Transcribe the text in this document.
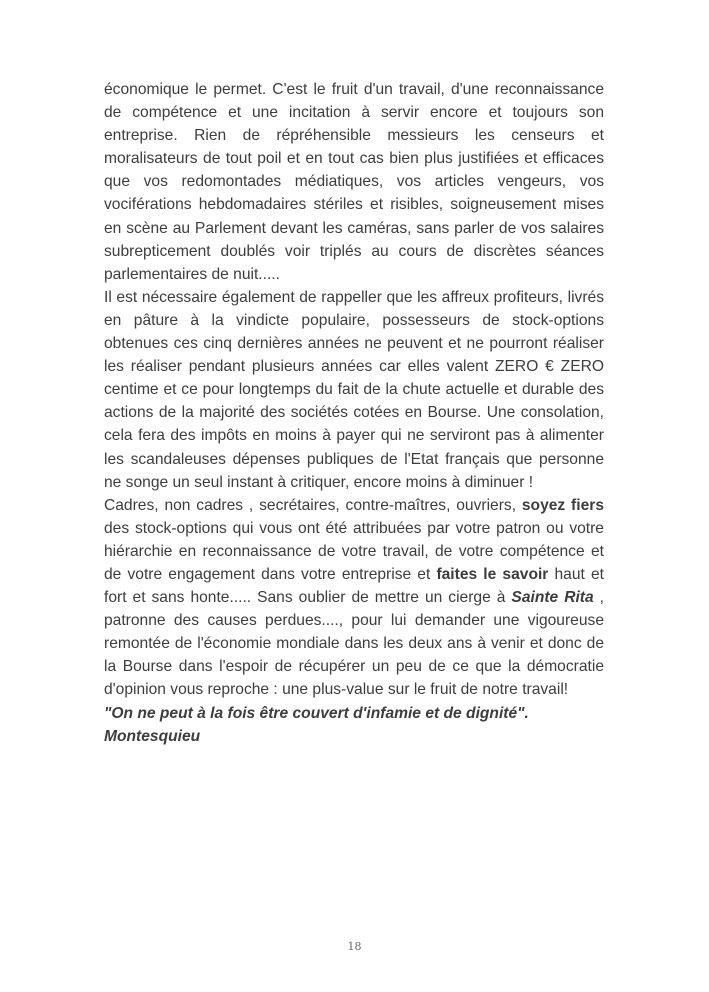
économique le permet. C'est le fruit d'un travail, d'une reconnaissance de compétence et une incitation à servir encore et toujours son entreprise. Rien de répréhensible messieurs les censeurs et moralisateurs de tout poil et en tout cas bien plus justifiées et efficaces que vos redomontades médiatiques, vos articles vengeurs, vos vociférations hebdomadaires stériles et risibles, soigneusement mises en scène au Parlement devant les caméras, sans parler de vos salaires subrepticement doublés voir triplés au cours de discrètes séances parlementaires de nuit.....

Il est nécessaire également de rappeller que les affreux profiteurs, livrés en pâture à la vindicte populaire, possesseurs de stock-options obtenues ces cinq dernières années ne peuvent et ne pourront réaliser les réaliser pendant plusieurs années car elles valent ZERO € ZERO centime et ce pour longtemps du fait de la chute actuelle et durable des actions de la majorité des sociétés cotées en Bourse. Une consolation, cela fera des impôts en moins à payer qui ne serviront pas à alimenter les scandaleuses dépenses publiques de l'Etat français que personne ne songe un seul instant à critiquer, encore moins à diminuer !

Cadres, non cadres , secrétaires, contre-maîtres, ouvriers, soyez fiers des stock-options qui vous ont été attribuées par votre patron ou votre hiérarchie en reconnaissance de votre travail, de votre compétence et de votre engagement dans votre entreprise et faites le savoir haut et fort et sans honte..... Sans oublier de mettre un cierge à Sainte Rita , patronne des causes perdues...., pour lui demander une vigoureuse remontée de l'économie mondiale dans les deux ans à venir et donc de la Bourse dans l'espoir de récupérer un peu de ce que la démocratie d'opinion vous reproche : une plus-value sur le fruit de notre travail!

"On ne peut à la fois être couvert d'infamie et de dignité".

Montesquieu

18
